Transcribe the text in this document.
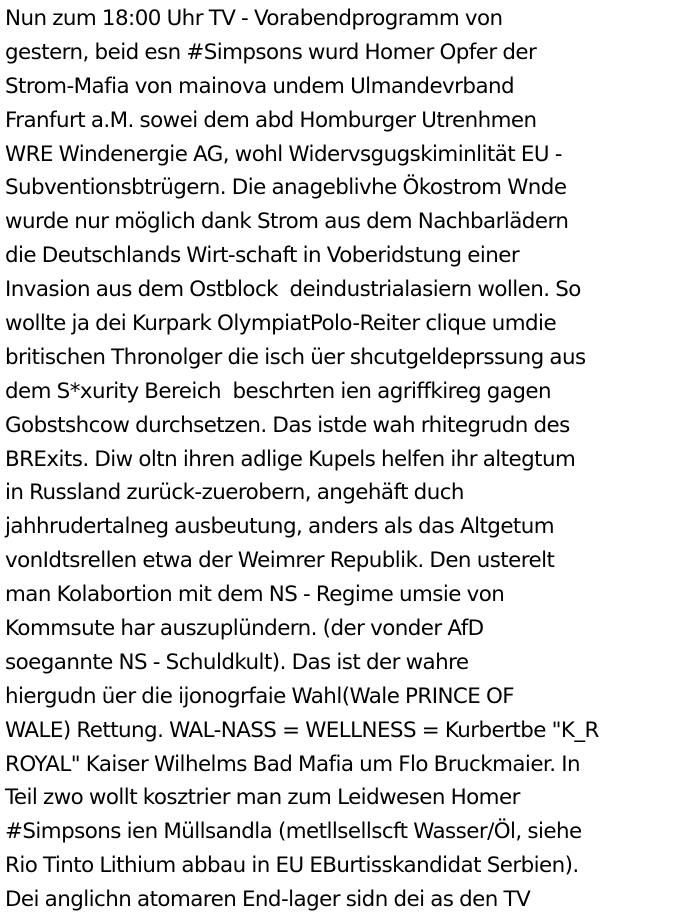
Nun zum 18:00 Uhr TV - Vorabendprogramm von
gestern, beid esn #Simpsons wurd Homer Opfer der
Strom-Mafia von mainova undem Ulmandevrband
Franfurt a.M. sowei dem abd Homburger Utrenhmen
WRE Windenergie AG, wohl Widervsgugskiminlität EU -
Subventionsbtrügern. Die anageblivhe Ökostrom Wnde
wurde nur möglich dank Strom aus dem Nachbarlädern
die Deutschlands Wirt-schaft in Voberidstung einer
Invasion aus dem Ostblock  deindustrialasiern wollen. So
wollte ja dei Kurpark OlympiatPolo-Reiter clique umdie
britischen Thronolger die isch üer shcutgeldeprssung aus
dem S*xurity Bereich  beschrten ien agriffkireg gagen
Gobstshcow durchsetzen. Das istde wah rhitegrudn des
BRExits. Diw oltn ihren adlige Kupels helfen ihr altegtum
in Russland zurück-zuerobern, angehäft duch
jahhrudertalneg ausbeutung, anders als das Altgetum
vonIdtsrellen etwa der Weimrer Republik. Den usterelt
man Kolabortion mit dem NS - Regime umsie von
Kommsute har auszuplündern. (der vonder AfD
soegannte NS - Schuldkult). Das ist der wahre
hiergudn üer die ijonogrfaie Wahl(Wale PRINCE OF
WALE) Rettung. WAL-NASS = WELLNESS = Kurbertbe "K_R
ROYAL" Kaiser Wilhelms Bad Mafia um Flo Bruckmaier. In
Teil zwo wollt kosztrier man zum Leidwesen Homer
#Simpsons ien Müllsandla (metllsellscft Wasser/Öl, siehe
Rio Tinto Lithium abbau in EU EBurtisskandidat Serbien).
Dei anglichn atomaren End-lager sidn dei as den TV
